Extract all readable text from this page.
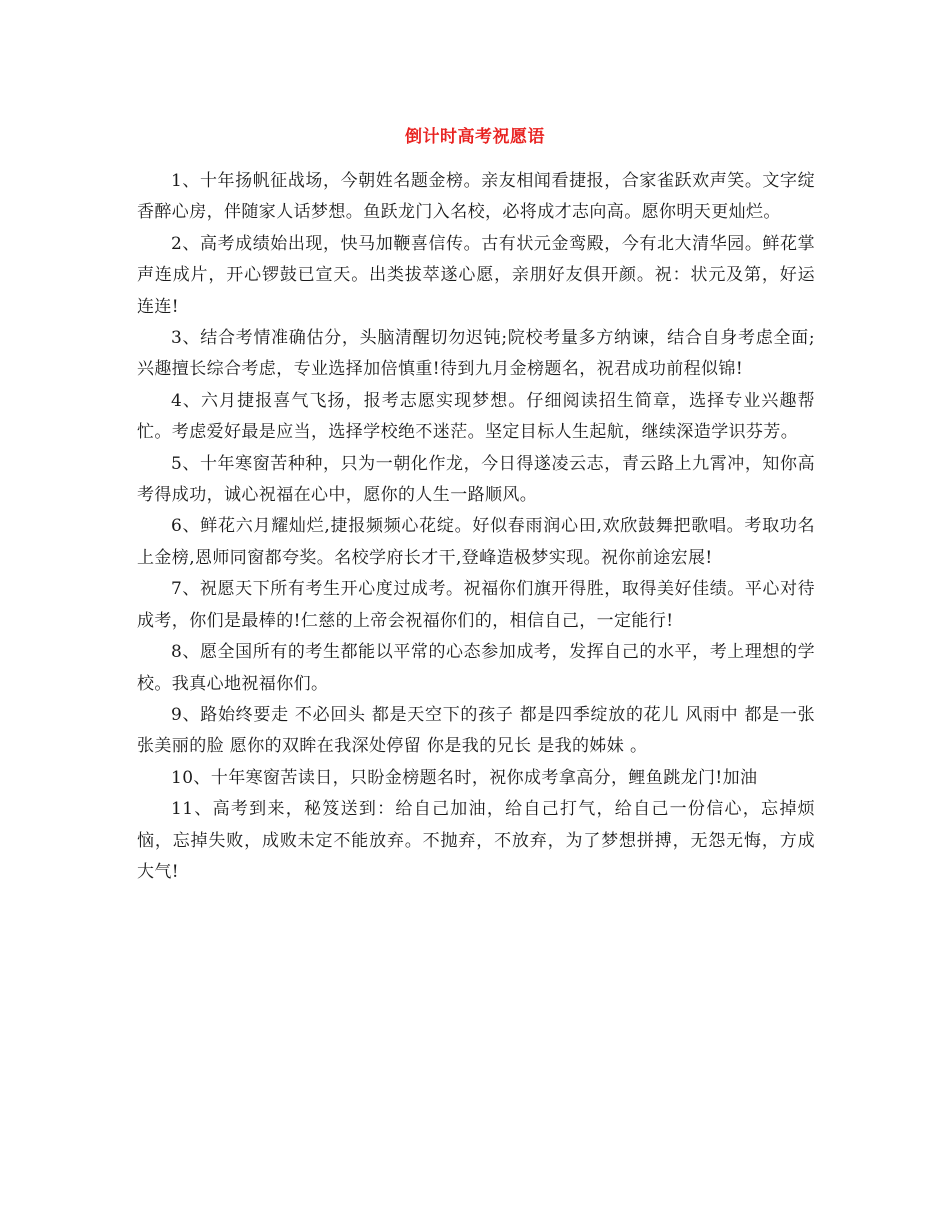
倒计时高考祝愿语

1、十年扬帆征战场，今朝姓名题金榜。亲友相闻看捷报，合家雀跃欢声笑。文字绽香醉心房，伴随家人话梦想。鱼跃龙门入名校，必将成才志向高。愿你明天更灿烂。

2、高考成绩始出现，快马加鞭喜信传。古有状元金鸾殿，今有北大清华园。鲜花掌声连成片，开心锣鼓已宣天。出类拔萃遂心愿，亲朋好友俱开颜。祝：状元及第，好运连连!

3、结合考情准确估分，头脑清醒切勿迟钝;院校考量多方纳谏，结合自身考虑全面;兴趣擅长综合考虑，专业选择加倍慎重!待到九月金榜题名，祝君成功前程似锦!

4、六月捷报喜气飞扬，报考志愿实现梦想。仔细阅读招生简章，选择专业兴趣帮忙。考虑爱好最是应当，选择学校绝不迷茫。坚定目标人生起航，继续深造学识芬芳。

5、十年寒窗苦种种，只为一朝化作龙，今日得遂凌云志，青云路上九霄冲，知你高考得成功，诚心祝福在心中，愿你的人生一路顺风。

6、鲜花六月耀灿烂,捷报频频心花绽。好似春雨润心田,欢欣鼓舞把歌唱。考取功名上金榜,恩师同窗都夸奖。名校学府长才干,登峰造极梦实现。祝你前途宏展!

7、祝愿天下所有考生开心度过成考。祝福你们旗开得胜，取得美好佳绩。平心对待成考，你们是最棒的!仁慈的上帝会祝福你们的，相信自己，一定能行!

8、愿全国所有的考生都能以平常的心态参加成考，发挥自己的水平，考上理想的学校。我真心地祝福你们。

9、路始终要走 不必回头 都是天空下的孩子 都是四季绽放的花儿 风雨中 都是一张张美丽的脸 愿你的双眸在我深处停留 你是我的兄长 是我的姊妹 。

10、十年寒窗苦读日，只盼金榜题名时，祝你成考拿高分，鲤鱼跳龙门!加油

11、高考到来，秘笈送到：给自己加油，给自己打气，给自己一份信心，忘掉烦恼，忘掉失败，成败未定不能放弃。不抛弃，不放弃，为了梦想拼搏，无怨无悔，方成大气!
